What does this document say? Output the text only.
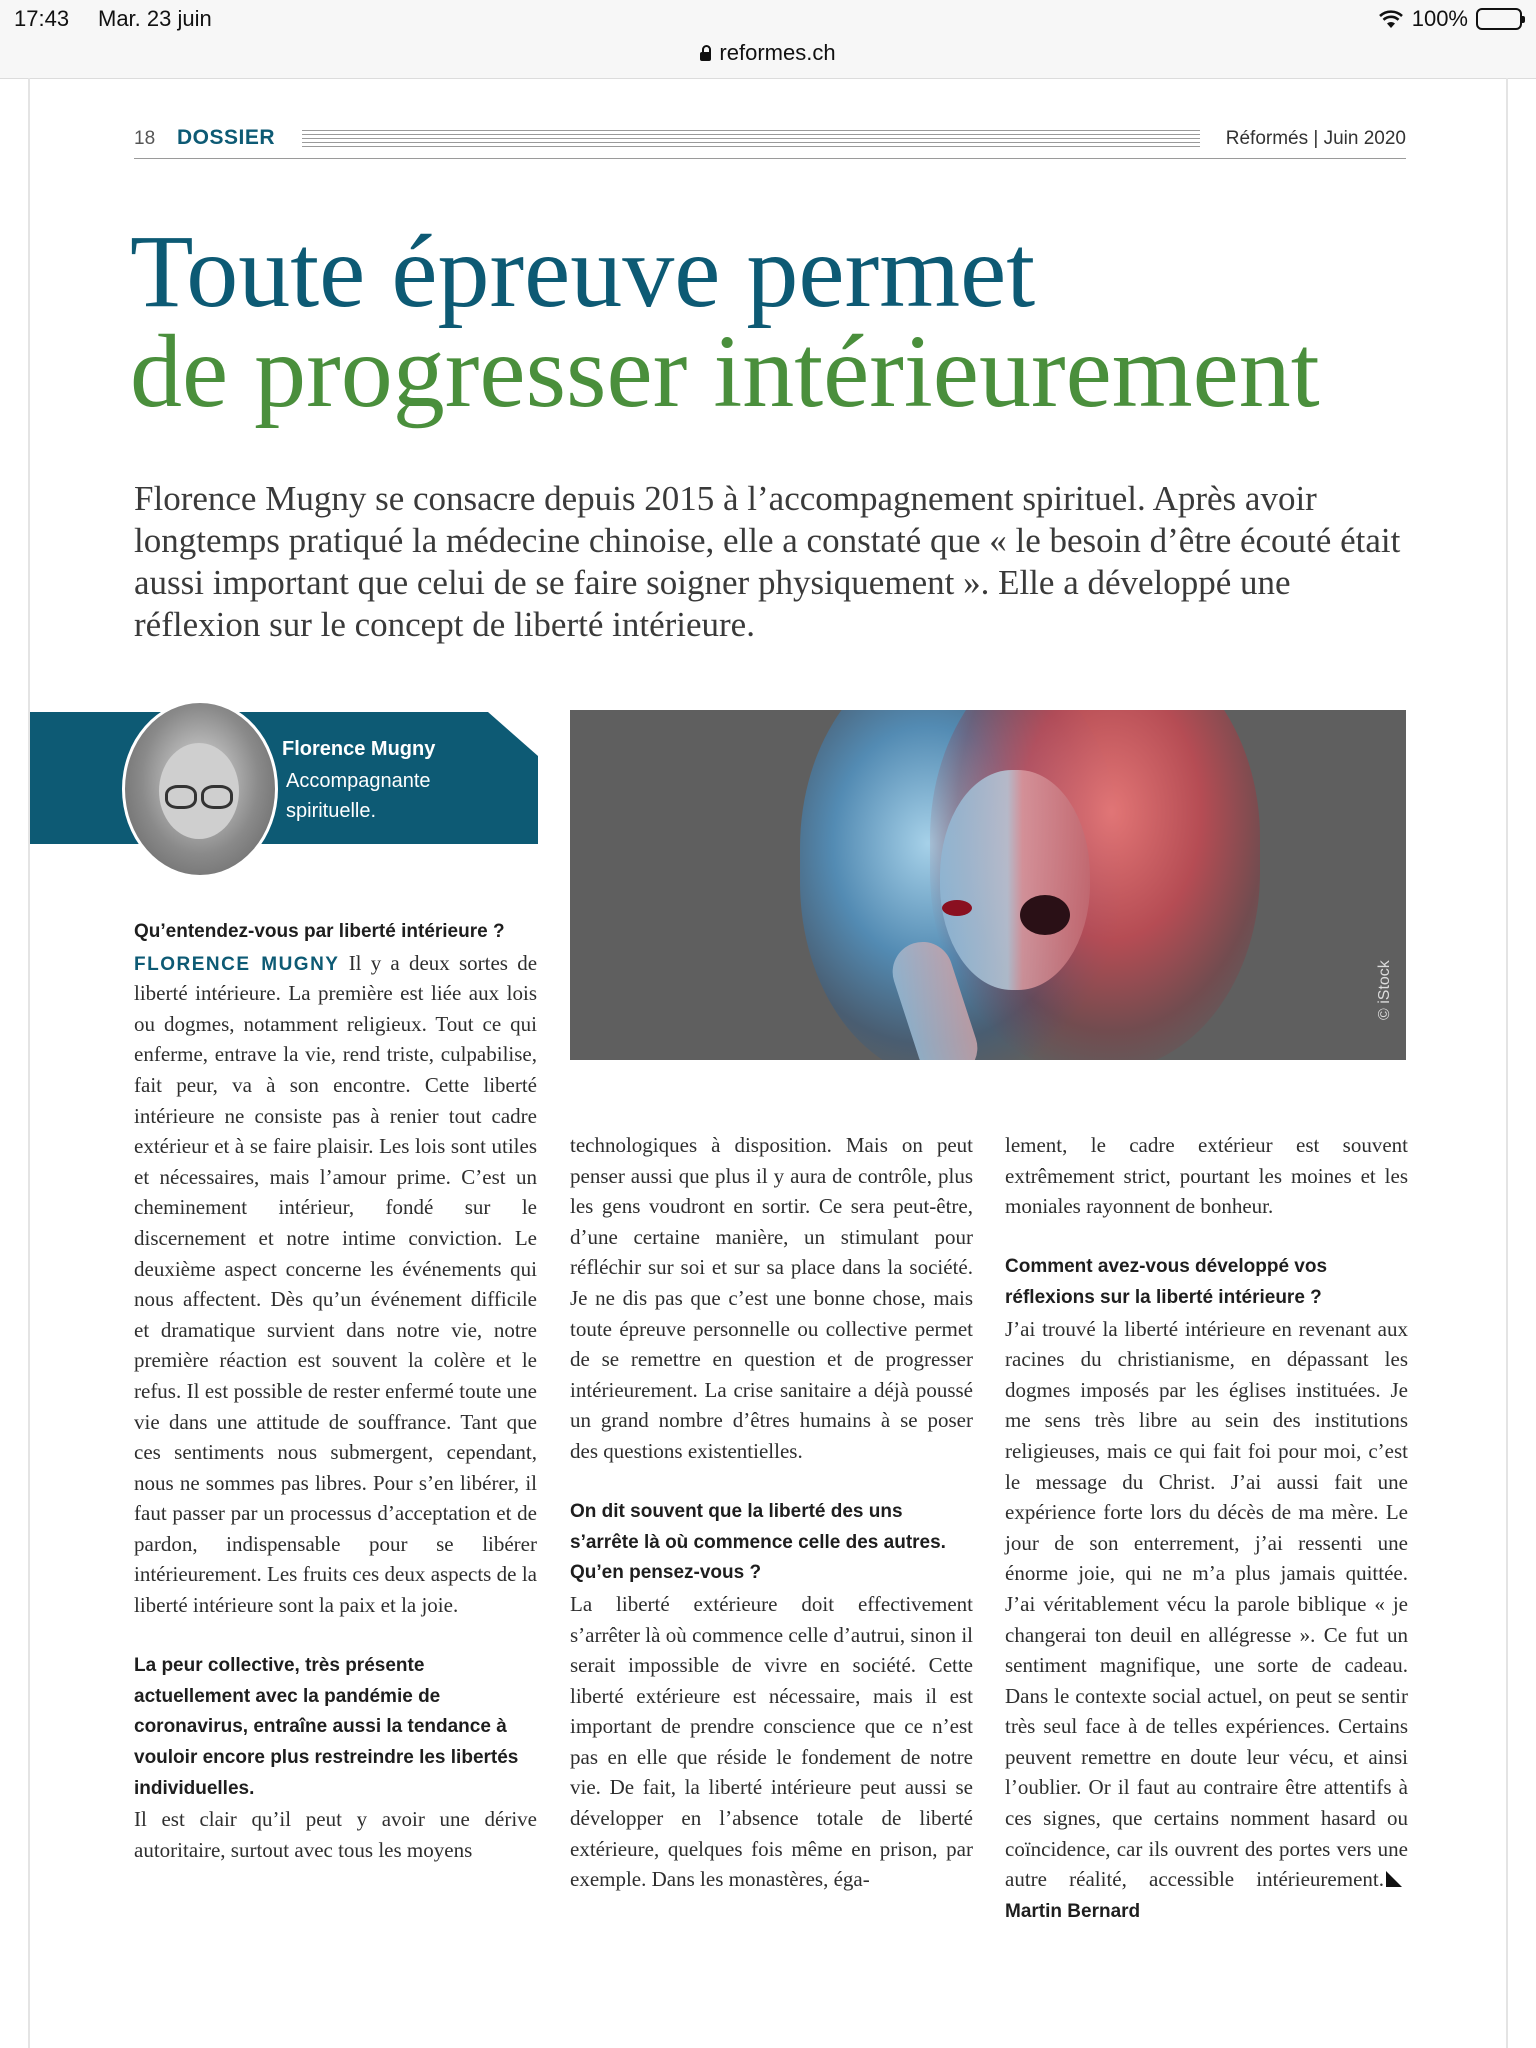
17:43 Mar. 23 juin
reformes.ch
100%
18 DOSSIER	Réformés | Juin 2020
Toute épreuve permet
de progresser intérieurement

Florence Mugny se consacre depuis 2015 à l’accompagnement spirituel. Après avoir longtemps pratiqué la médecine chinoise, elle a constaté que « le besoin d’être écouté était aussi important que celui de se faire soigner physiquement ». Elle a développé une réflexion sur le concept de liberté intérieure.

Florence Mugny
Accompagnante spirituelle.
© iStock

Qu’entendez-vous par liberté intérieure ?

FLORENCE MUGNY Il y a deux sortes de liberté intérieure. La première est liée aux lois ou dogmes, notamment religieux. Tout ce qui enferme, entrave la vie, rend triste, culpabilise, fait peur, va à son encontre. Cette liberté intérieure ne consiste pas à renier tout cadre extérieur et à se faire plaisir. Les lois sont utiles et nécessaires, mais l’amour prime. C’est un cheminement intérieur, fondé sur le discernement et notre intime conviction. Le deuxième aspect concerne les événements qui nous affectent. Dès qu’un événement difficile et dramatique survient dans notre vie, notre première réaction est souvent la colère et le refus. Il est possible de rester enfermé toute une vie dans une attitude de souffrance. Tant que ces sentiments nous submergent, cependant, nous ne sommes pas libres. Pour s’en libérer, il faut passer par un processus d’acceptation et de pardon, indispensable pour se libérer intérieurement. Les fruits ces deux aspects de la liberté intérieure sont la paix et la joie.

La peur collective, très présente actuellement avec la pandémie de coronavirus, entraîne aussi la tendance à vouloir encore plus restreindre les libertés individuelles.

Il est clair qu’il peut y avoir une dérive autoritaire, surtout avec tous les moyens

technologiques à disposition. Mais on peut penser aussi que plus il y aura de contrôle, plus les gens voudront en sortir. Ce sera peut-être, d’une certaine manière, un stimulant pour réfléchir sur soi et sur sa place dans la société. Je ne dis pas que c’est une bonne chose, mais toute épreuve personnelle ou collective permet de se remettre en question et de progresser intérieurement. La crise sanitaire a déjà poussé un grand nombre d’êtres humains à se poser des questions existentielles.

On dit souvent que la liberté des uns s’arrête là où commence celle des autres. Qu’en pensez-vous ?

La liberté extérieure doit effectivement s’arrêter là où commence celle d’autrui, sinon il serait impossible de vivre en société. Cette liberté extérieure est nécessaire, mais il est important de prendre conscience que ce n’est pas en elle que réside le fondement de notre vie. De fait, la liberté intérieure peut aussi se développer en l’absence totale de liberté extérieure, quelques fois même en prison, par exemple. Dans les monastères, éga-

lement, le cadre extérieur est souvent extrêmement strict, pourtant les moines et les moniales rayonnent de bonheur.

Comment avez-vous développé vos réflexions sur la liberté intérieure ?

J’ai trouvé la liberté intérieure en revenant aux racines du christianisme, en dépassant les dogmes imposés par les églises instituées. Je me sens très libre au sein des institutions religieuses, mais ce qui fait foi pour moi, c’est le message du Christ. J’ai aussi fait une expérience forte lors du décès de ma mère. Le jour de son enterrement, j’ai ressenti une énorme joie, qui ne m’a plus jamais quittée. J’ai véritablement vécu la parole biblique « je changerai ton deuil en allégresse ». Ce fut un sentiment magnifique, une sorte de cadeau. Dans le contexte social actuel, on peut se sentir très seul face à de telles expériences. Certains peuvent remettre en doute leur vécu, et ainsi l’oublier. Or il faut au contraire être attentifs à ces signes, que certains nomment hasard ou coïncidence, car ils ouvrent des portes vers une autre réalité, accessible intérieurement.Martin Bernard
